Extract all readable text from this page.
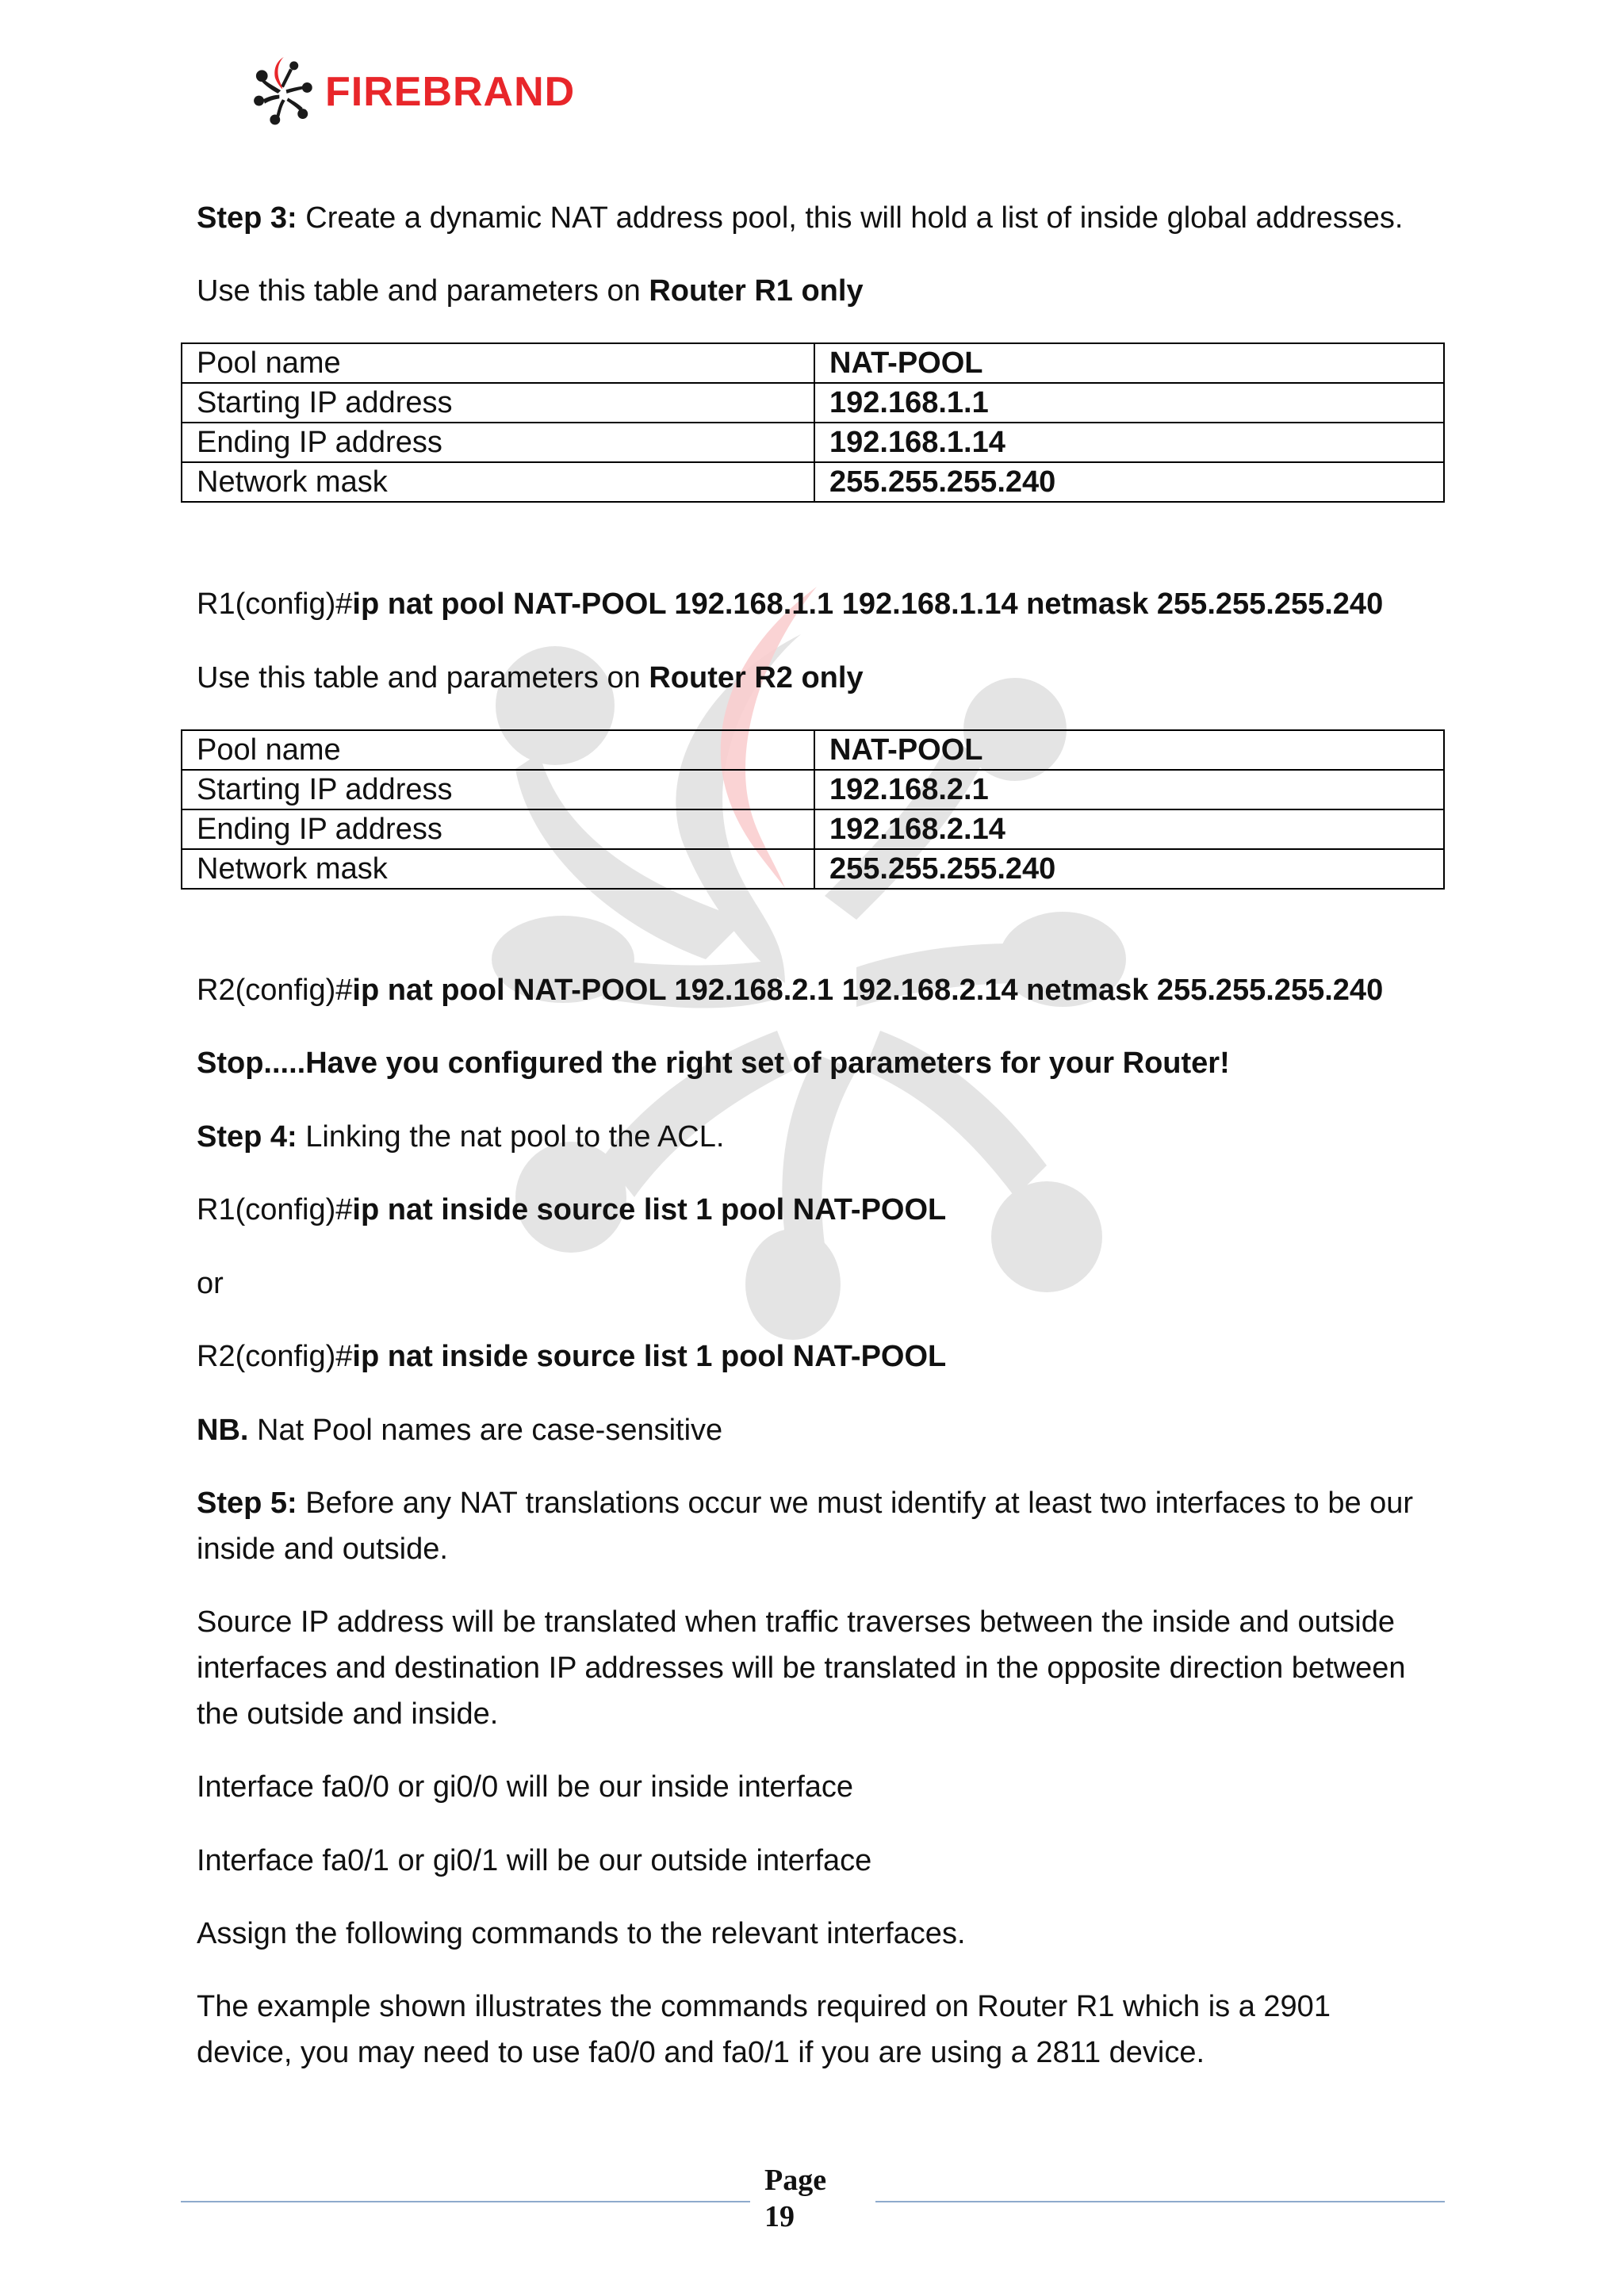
FIREBRAND

Step 3: Create a dynamic NAT address pool, this will hold a list of inside global addresses.

Use this table and parameters on Router R1 only

Pool name	NAT-POOL
Starting IP address	192.168.1.1
Ending IP address	192.168.1.14
Network mask	255.255.255.240

R1(config)#ip nat pool NAT-POOL 192.168.1.1 192.168.1.14 netmask 255.255.255.240

Use this table and parameters on Router R2 only

Pool name	NAT-POOL
Starting IP address	192.168.2.1
Ending IP address	192.168.2.14
Network mask	255.255.255.240

R2(config)#ip nat pool NAT-POOL 192.168.2.1 192.168.2.14 netmask 255.255.255.240

Stop.....Have you configured the right set of parameters for your Router!

Step 4: Linking the nat pool to the ACL.

R1(config)#ip nat inside source list 1 pool NAT-POOL

or

R2(config)#ip nat inside source list 1 pool NAT-POOL

NB. Nat Pool names are case-sensitive

Step 5: Before any NAT translations occur we must identify at least two interfaces to be our inside and outside.

Source IP address will be translated when traffic traverses between the inside and outside interfaces and destination IP addresses will be translated in the opposite direction between the outside and inside.

Interface fa0/0 or gi0/0 will be our inside interface

Interface fa0/1 or gi0/1 will be our outside interface

Assign the following commands to the relevant interfaces.

The example shown illustrates the commands required on Router R1 which is a 2901 device, you may need to use fa0/0 and fa0/1 if you are using a 2811 device.

Page
19
